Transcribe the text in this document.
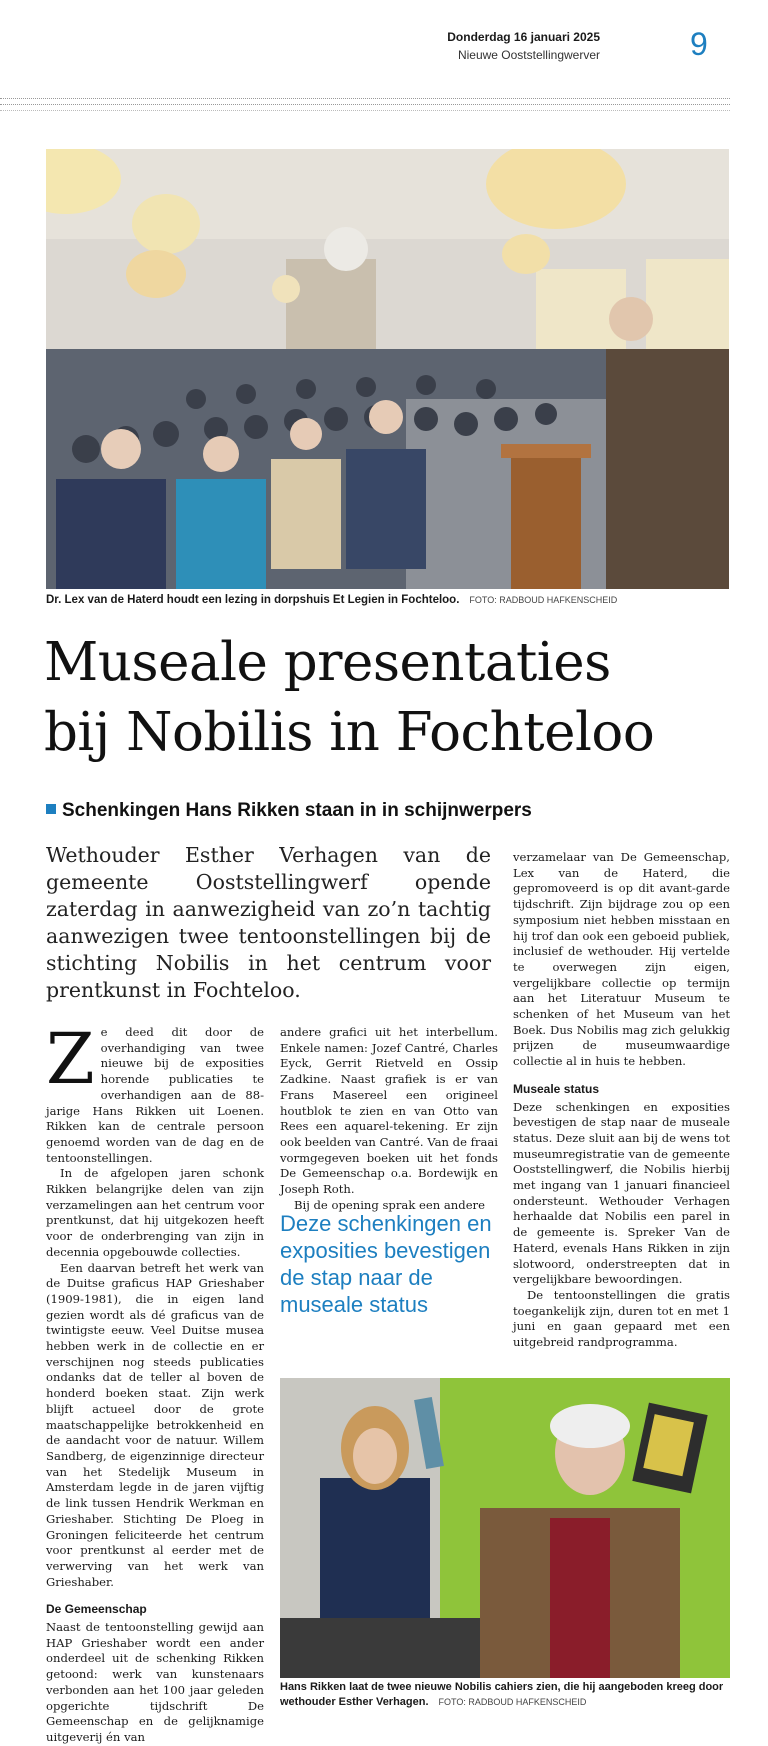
Donderdag 16 januari 2025
Nieuwe Ooststellingwerver	9
Dr. Lex van de Haterd houdt een lezing in dorpshuis Et Legien in Fochteloo. FOTO: RADBOUD HAFKENSCHEID
Museale presentaties
bij Nobilis in Fochteloo
Schenkingen Hans Rikken staan in in schijnwerpers

Wethouder Esther Verhagen van de gemeente Ooststellingwerf opende zaterdag in aanwezigheid van zo’n tachtig aanwezigen twee tentoonstellingen bij de stichting Nobilis in het centrum voor prentkunst in Fochteloo.

Ze deed dit door de overhandiging van twee nieuwe bij de exposities horende publicaties te overhandigen aan de 88-jarige Hans Rikken uit Loenen. Rikken kan de centrale persoon genoemd worden van de dag en de tentoonstellingen.

In de afgelopen jaren schonk Rikken belangrijke delen van zijn verzamelingen aan het centrum voor prentkunst, dat hij uitgekozen heeft voor de onderbrenging van zijn in decennia opgebouwde collecties.

Een daarvan betreft het werk van de Duitse graficus HAP Grieshaber (1909-1981), die in eigen land gezien wordt als dé graficus van de twintigste eeuw. Veel Duitse musea hebben werk in de collectie en er verschijnen nog steeds publicaties ondanks dat de teller al boven de honderd boeken staat. Zijn werk blijft actueel door de grote maatschappelijke betrokkenheid en de aandacht voor de natuur. Willem Sandberg, de eigenzinnige directeur van het Stedelijk Museum in Amsterdam legde in de jaren vijftig de link tussen Hendrik Werkman en Grieshaber. Stichting De Ploeg in Groningen feliciteerde het centrum voor prentkunst al eerder met de verwerving van het werk van Grieshaber.

De Gemeenschap

Naast de tentoonstelling gewijd aan HAP Grieshaber wordt een ander onderdeel uit de schenking Rikken getoond: werk van kunstenaars verbonden aan het 100 jaar geleden opgerichte tijdschrift De Gemeenschap en de gelijknamige uitgeverij én van

andere grafici uit het interbellum. Enkele namen: Jozef Cantré, Charles Eyck, Gerrit Rietveld en Ossip Zadkine. Naast grafiek is er van Frans Masereel een origineel houtblok te zien en van Otto van Rees een aquarel-tekening. Er zijn ook beelden van Cantré. Van de fraai vormgegeven boeken uit het fonds De Gemeenschap o.a. Bordewijk en Joseph Roth.

Bij de opening sprak een andere

Deze schenkingen en exposities bevestigen de stap naar de museale status

verzamelaar van De Gemeenschap, Lex van de Haterd, die gepromoveerd is op dit avant-garde tijdschrift. Zijn bijdrage zou op een symposium niet hebben misstaan en hij trof dan ook een geboeid publiek, inclusief de wethouder. Hij vertelde te overwegen zijn eigen, vergelijkbare collectie op termijn aan het Literatuur Museum te schenken of het Museum van het Boek. Dus Nobilis mag zich gelukkig prijzen de museumwaardige collectie al in huis te hebben.

Museale status

Deze schenkingen en exposities bevestigen de stap naar de museale status. Deze sluit aan bij de wens tot museumregistratie van de gemeente Ooststellingwerf, die Nobilis hierbij met ingang van 1 januari financieel ondersteunt. Wethouder Verhagen herhaalde dat Nobilis een parel in de gemeente is. Spreker Van de Haterd, evenals Hans Rikken in zijn slotwoord, onderstreepten dat in vergelijkbare bewoordingen.

De tentoonstellingen die gratis toegankelijk zijn, duren tot en met 1 juni en gaan gepaard met een uitgebreid randprogramma.

Hans Rikken laat de twee nieuwe Nobilis cahiers zien, die hij aangeboden kreeg door wethouder Esther Verhagen. FOTO: RADBOUD HAFKENSCHEID
